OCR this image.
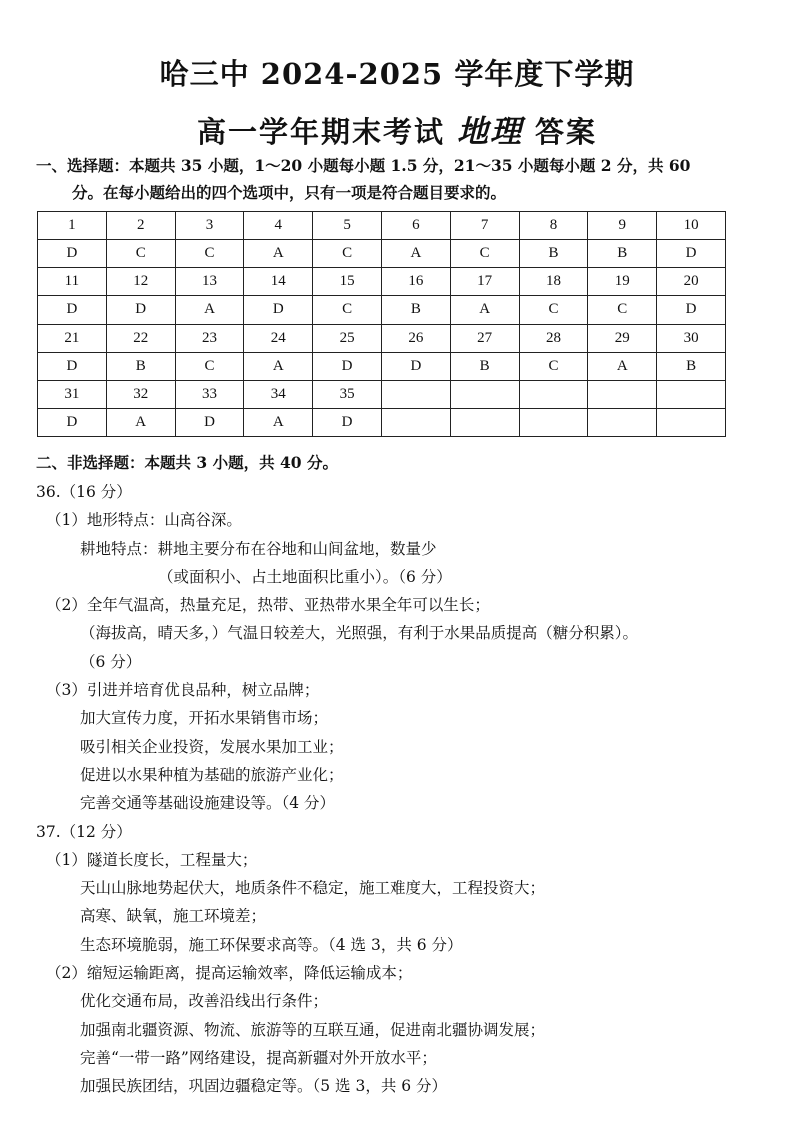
哈三中 2024-2025 学年度下学期
高一学年期末考试 地理 答案
一、选择题：本题共 35 小题，1～20 小题每小题 1.5 分，21～35 小题每小题 2 分，共 60
分。在每小题给出的四个选项中，只有一项是符合题目要求的。
1	2	3	4	5	6	7	8	9	10
D	C	C	A	C	A	C	B	B	D
11	12	13	14	15	16	17	18	19	20
D	D	A	D	C	B	A	C	C	D
21	22	23	24	25	26	27	28	29	30
D	B	C	A	D	D	B	C	A	B
31	32	33	34	35					
D	A	D	A	D					
二、非选择题：本题共 3 小题，共 40 分。
36.（16 分）
（1）地形特点：山高谷深。
耕地特点：耕地主要分布在谷地和山间盆地，数量少
（或面积小、占土地面积比重小）。（6 分）
（2）全年气温高，热量充足，热带、亚热带水果全年可以生长；
（海拔高，晴天多，）气温日较差大，光照强，有利于水果品质提高（糖分积累）。
（6 分）
（3）引进并培育优良品种，树立品牌；
加大宣传力度，开拓水果销售市场；
吸引相关企业投资，发展水果加工业；
促进以水果种植为基础的旅游产业化；
完善交通等基础设施建设等。（4 分）
37.（12 分）
（1）隧道长度长，工程量大；
天山山脉地势起伏大，地质条件不稳定，施工难度大，工程投资大；
高寒、缺氧，施工环境差；
生态环境脆弱，施工环保要求高等。（4 选 3，共 6 分）
（2）缩短运输距离，提高运输效率，降低运输成本；
优化交通布局，改善沿线出行条件；
加强南北疆资源、物流、旅游等的互联互通，促进南北疆协调发展；
完善“一带一路”网络建设，提高新疆对外开放水平；
加强民族团结，巩固边疆稳定等。（5 选 3，共 6 分）
